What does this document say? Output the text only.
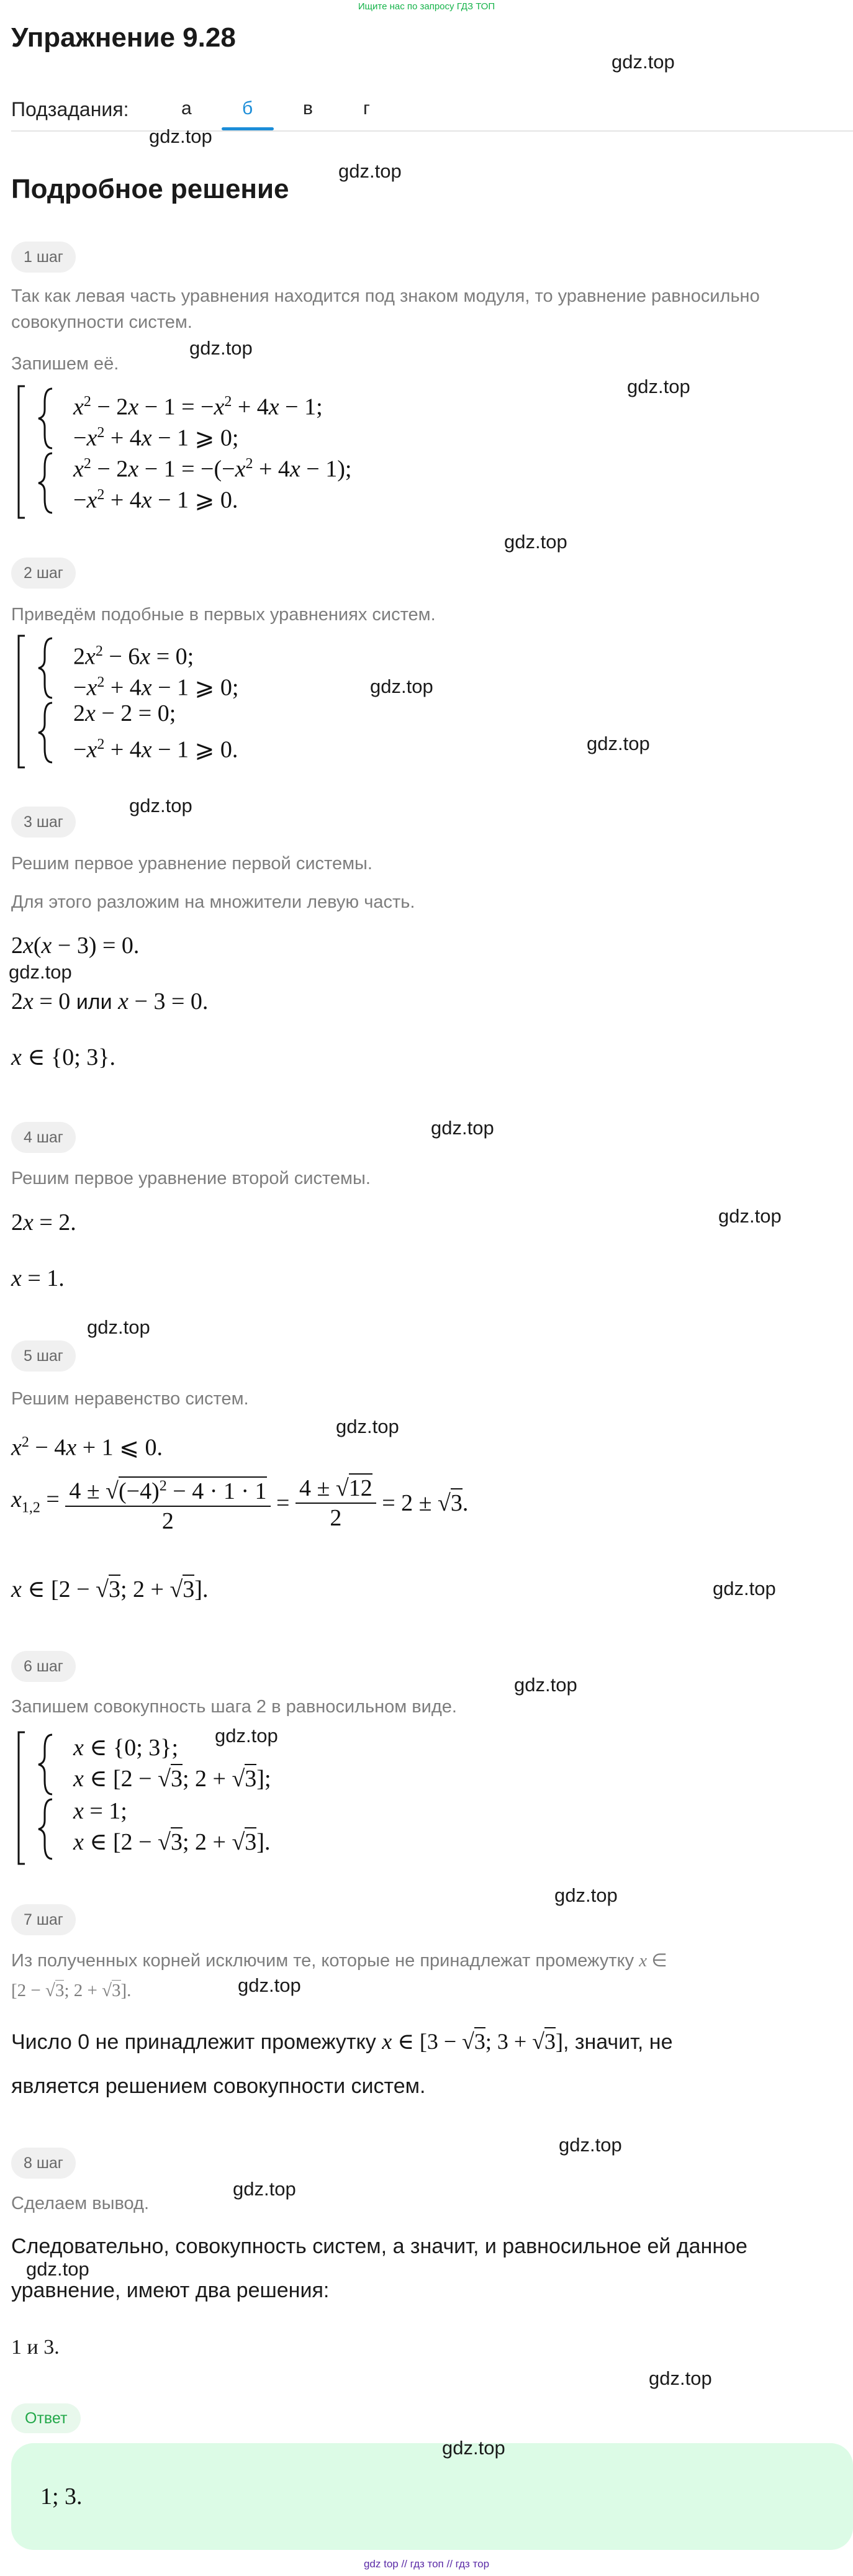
Ищите нас по запросу ГДЗ ТОП
Упражнение 9.28
gdz.top
Подзадания:	а	б	в	г
gdz.top
gdz.top
Подробное решение
1 шаг
Так как левая часть уравнения находится под знаком модуля, то уравнение равносильно совокупности систем.
gdz.top
Запишем её.
gdz.top
$x^2 - 2x - 1 = -x^2 + 4x - 1$;
$-x^2 + 4x - 1$ ⩾ 0;
$x^2 - 2x - 1 = -(-x^2 + 4x - 1)$;
$-x^2 + 4x - 1$ ⩾ 0.
gdz.top
2 шаг
Приведём подобные в первых уравнениях систем.
$2x^2 - 6x = 0$;
$-x^2 + 4x - 1$ ⩾ 0;
2x − 2 = 0;
$-x^2 + 4x - 1$ ⩾ 0.
gdz.top
gdz.top
gdz.top
3 шаг
Решим первое уравнение первой системы.
Для этого разложим на множители левую часть.
2x(x − 3) = 0.
gdz.top
2x = 0 или x − 3 = 0.
x ∈ {0; 3}.
gdz.top
4 шаг
Решим первое уравнение второй системы.
gdz.top
2x = 2.
x = 1.
gdz.top
5 шаг
Решим неравенство систем.
gdz.top
$x^2 - 4x + 1$ ⩽ 0.
$x_{1,2} = \frac{4 \pm √(-4)^2 - 4 \cdot 1 \cdot 1}{2} = \frac{4 \pm √12}{2} = 2 \pm √3$.
x ∈ [2 − √3; 2 + √3].	gdz.top
6 шаг
gdz.top
Запишем совокупность шага 2 в равносильном виде.
gdz.top
x ∈ {0; 3};
x ∈ [2 − √3; 2 + √3];
x = 1;
x ∈ [2 − √3; 2 + √3].
gdz.top
7 шаг
Из полученных корней исключим те, которые не принадлежат промежутку x ∈
[2 − √3; 2 + √3].	gdz.top
Число 0 не принадлежит промежутку x ∈ [3 − √3; 3 + √3], значит, не
является решением совокупности систем.
gdz.top
8 шаг
gdz.top
Сделаем вывод.
Следовательно, совокупность систем, а значит, и равносильное ей данное
gdz.top
уравнение, имеют два решения:
1 и 3.
gdz.top
Ответ
gdz.top
1; 3.
gdz top // гдз топ // гдз тор
